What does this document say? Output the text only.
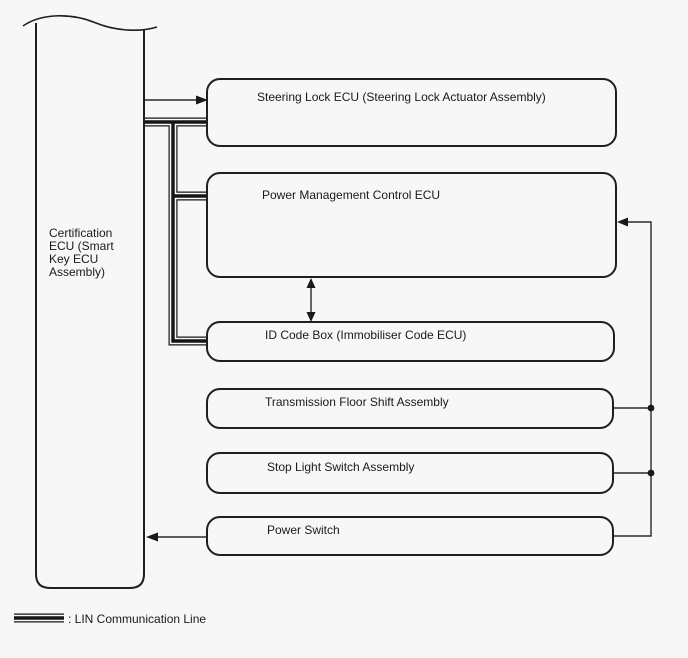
Certification ECU (Smart Key ECU Assembly)
Steering Lock ECU (Steering Lock Actuator Assembly)
Power Management Control ECU
ID Code Box (Immobiliser Code ECU)
Transmission Floor Shift Assembly
Stop Light Switch Assembly
Power Switch
: LIN Communication Line
